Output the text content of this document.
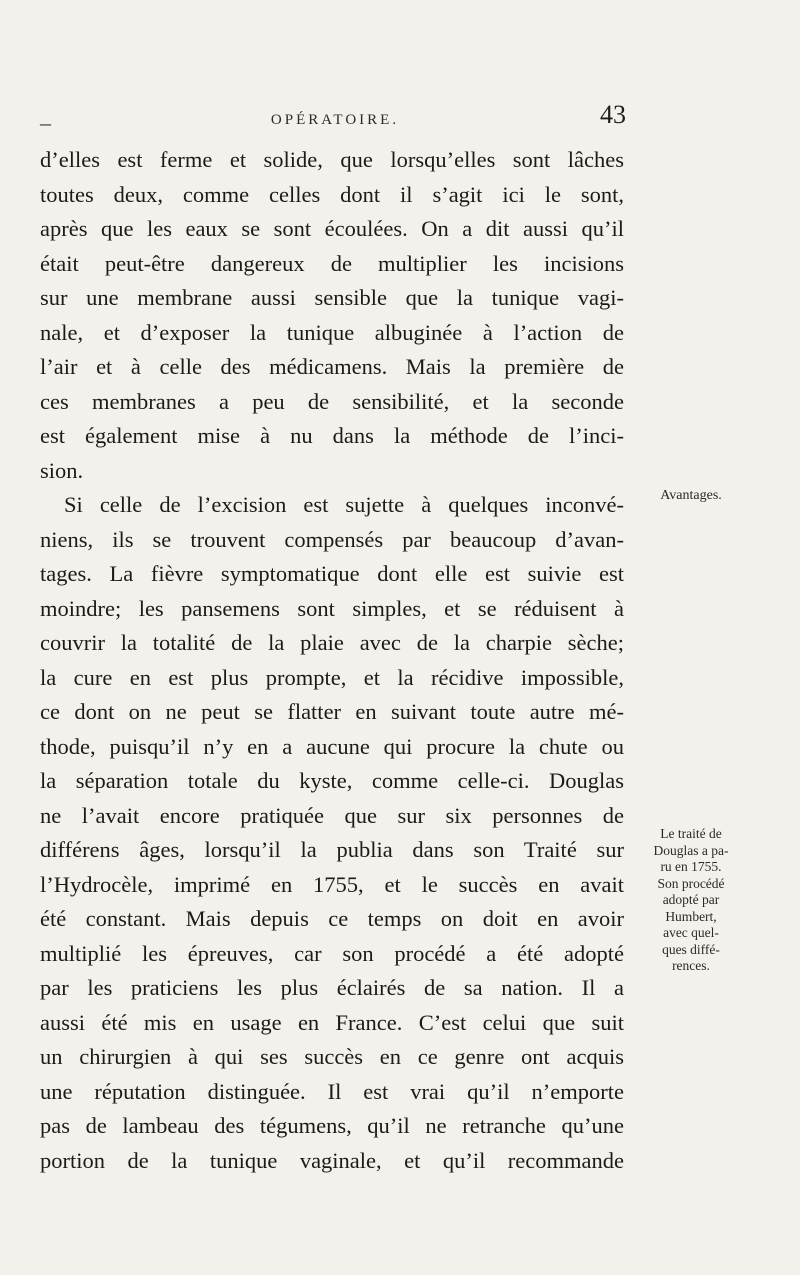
–	OPÉRATOIRE.	43
d’elles est ferme et solide, que lorsqu’elles sont lâches
toutes deux, comme celles dont il s’agit ici le sont,
après que les eaux se sont écoulées. On a dit aussi qu’il
était peut-être dangereux de multiplier les incisions
sur une membrane aussi sensible que la tunique vagi-
nale, et d’exposer la tunique albuginée à l’action de
l’air et à celle des médicamens. Mais la première de
ces membranes a peu de sensibilité, et la seconde
est également mise à nu dans la méthode de l’inci-
sion.
Si celle de l’excision est sujette à quelques inconvé-
niens, ils se trouvent compensés par beaucoup d’avan-
tages. La fièvre symptomatique dont elle est suivie est
moindre; les pansemens sont simples, et se réduisent à
couvrir la totalité de la plaie avec de la charpie sèche;
la cure en est plus prompte, et la récidive impossible,
ce dont on ne peut se flatter en suivant toute autre mé-
thode, puisqu’il n’y en a aucune qui procure la chute ou
la séparation totale du kyste, comme celle-ci. Douglas
ne l’avait encore pratiquée que sur six personnes de
différens âges, lorsqu’il la publia dans son Traité sur
l’Hydrocèle, imprimé en 1755, et le succès en avait
été constant. Mais depuis ce temps on doit en avoir
multiplié les épreuves, car son procédé a été adopté
par les praticiens les plus éclairés de sa nation. Il a
aussi été mis en usage en France. C’est celui que suit
un chirurgien à qui ses succès en ce genre ont acquis
une réputation distinguée. Il est vrai qu’il n’emporte
pas de lambeau des tégumens, qu’il ne retranche qu’une
portion de la tunique vaginale, et qu’il recommande
Avantages.
Le traité de
Douglas a pa-
ru en 1755.
Son procédé
adopté par
Humbert,
avec quel-
ques diffé-
rences.
